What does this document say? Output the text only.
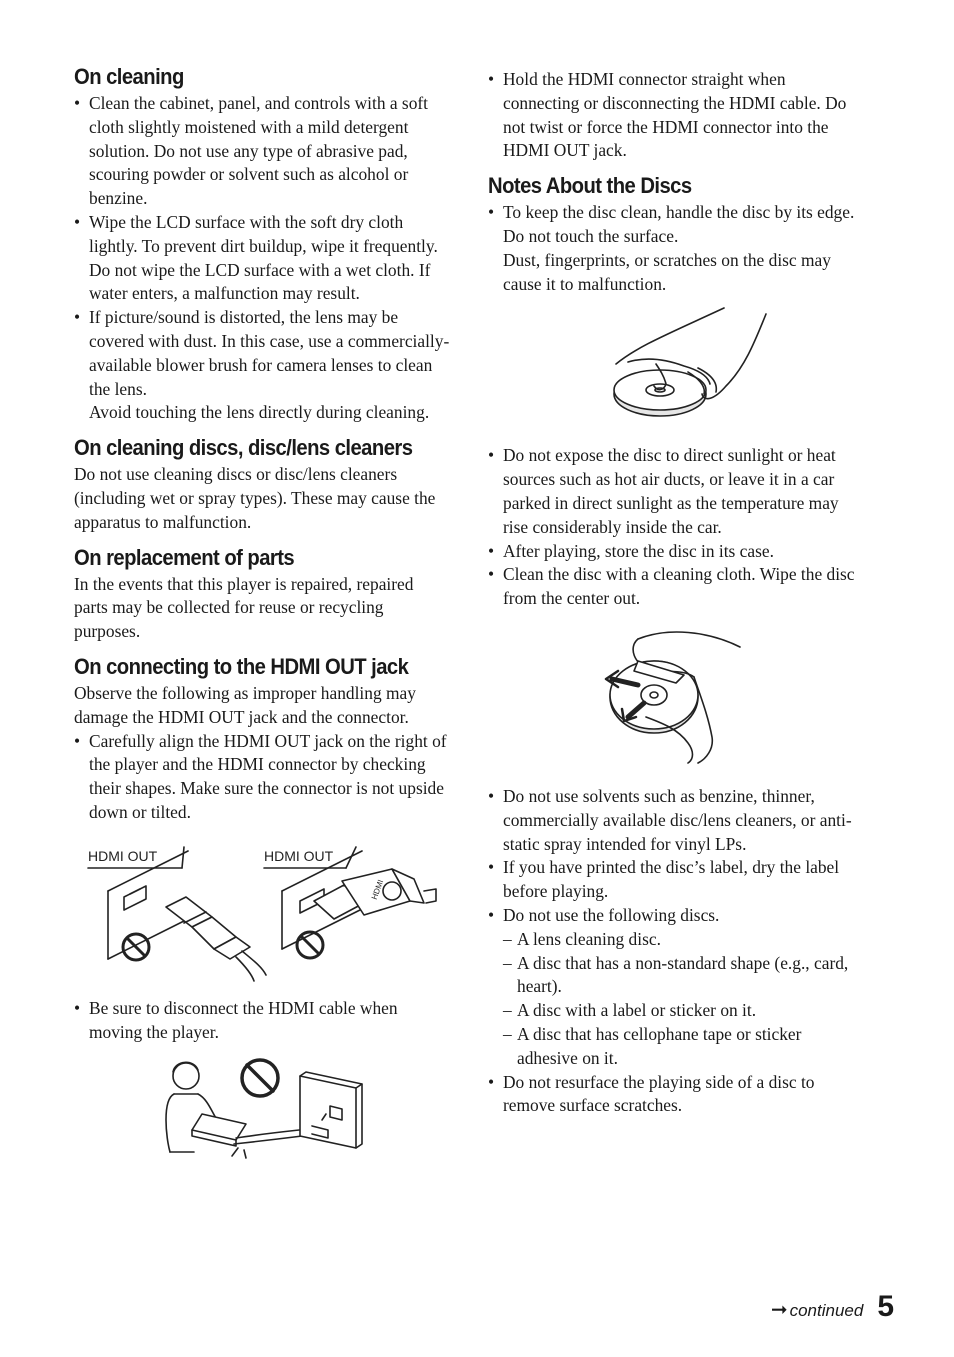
On cleaning
• Clean the cabinet, panel, and controls with a soft cloth slightly moistened with a mild detergent solution. Do not use any type of abrasive pad, scouring powder or solvent such as alcohol or benzine.
• Wipe the LCD surface with the soft dry cloth lightly. To prevent dirt buildup, wipe it frequently.
Do not wipe the LCD surface with a wet cloth. If water enters, a malfunction may result.
• If picture/sound is distorted, the lens may be covered with dust. In this case, use a commercially-available blower brush for camera lenses to clean the lens.
Avoid touching the lens directly during cleaning.
On cleaning discs, disc/lens cleaners

Do not use cleaning discs or disc/lens cleaners (including wet or spray types). These may cause the apparatus to malfunction.

On replacement of parts

In the events that this player is repaired, repaired parts may be collected for reuse or recycling purposes.

On connecting to the HDMI OUT jack

Observe the following as improper handling may damage the HDMI OUT jack and the connector.

• Carefully align the HDMI OUT jack on the right of the player and the HDMI connector by checking their shapes. Make sure the connector is not upside down or tilted.
HDMI OUT	HDMI OUT
HDMI
• Be sure to disconnect the HDMI cable when moving the player.
• Hold the HDMI connector straight when connecting or disconnecting the HDMI cable. Do not twist or force the HDMI connector into the HDMI OUT jack.
Notes About the Discs
• To keep the disc clean, handle the disc by its edge. Do not touch the surface.
Dust, fingerprints, or scratches on the disc may cause it to malfunction.
• Do not expose the disc to direct sunlight or heat sources such as hot air ducts, or leave it in a car parked in direct sunlight as the temperature may rise considerably inside the car.
• After playing, store the disc in its case.
• Clean the disc with a cleaning cloth. Wipe the disc from the center out.
• Do not use solvents such as benzine, thinner, commercially available disc/lens cleaners, or anti-static spray intended for vinyl LPs.
• If you have printed the disc’s label, dry the label before playing.
• Do not use the following discs.
– A lens cleaning disc.
– A disc that has a non-standard shape (e.g., card, heart).
– A disc with a label or sticker on it.
– A disc that has cellophane tape or sticker adhesive on it.
• Do not resurface the playing side of a disc to remove surface scratches.
➞ continued 5
